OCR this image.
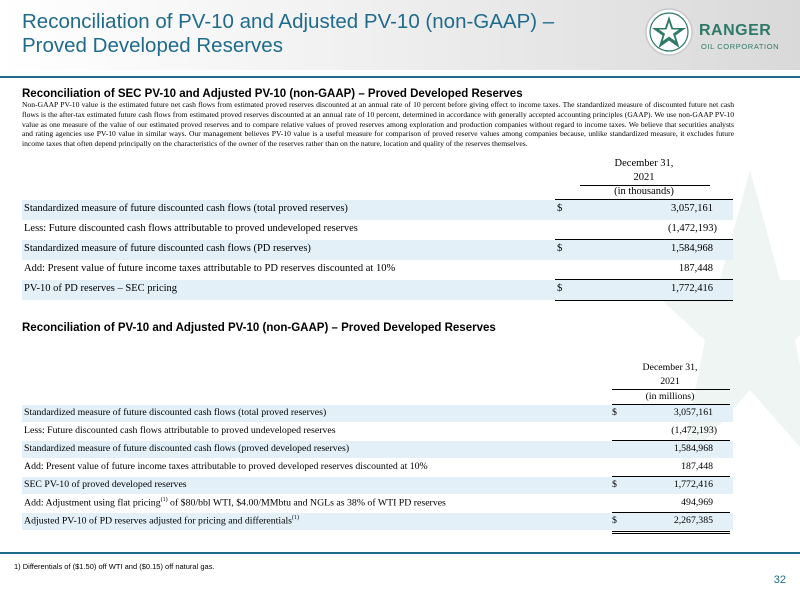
Reconciliation of PV-10 and Adjusted PV-10 (non-GAAP) – Proved Developed Reserves
RANGER
OIL CORPORATION
Reconciliation of SEC PV-10 and Adjusted PV-10 (non-GAAP) – Proved Developed Reserves
Non-GAAP PV-10 value is the estimated future net cash flows from estimated proved reserves discounted at an annual rate of 10 percent before giving effect to income taxes. The standardized measure of discounted future net cash flows is the after-tax estimated future cash flows from estimated proved reserves discounted at an annual rate of 10 percent, determined in accordance with generally accepted accounting principles (GAAP). We use non-GAAP PV-10 value as one measure of the value of our estimated proved reserves and to compare relative values of proved reserves among exploration and production companies without regard to income taxes. We believe that securities analysts and rating agencies use PV-10 value in similar ways. Our management believes PV-10 value is a useful measure for comparison of proved reserve values among companies because, unlike standardized measure, it excludes future income taxes that often depend principally on the characteristics of the owner of the reserves rather than on the nature, location and quality of the reserves themselves.
December 31,
2021
(in thousands)
Standardized measure of future discounted cash flows (total proved reserves)	$	3,057,161
Less: Future discounted cash flows attributable to proved undeveloped reserves	(1,472,193)
Standardized measure of future discounted cash flows (PD reserves)	$	1,584,968
Add: Present value of future income taxes attributable to PD reserves discounted at 10%	187,448
PV-10 of PD reserves – SEC pricing	$	1,772,416
Reconciliation of PV-10 and Adjusted PV-10 (non-GAAP) – Proved Developed Reserves
December 31,
2021
(in millions)
Standardized measure of future discounted cash flows (total proved reserves)	$	3,057,161
Less: Future discounted cash flows attributable to proved undeveloped reserves	(1,472,193)
Standardized measure of future discounted cash flows (proved developed reserves)	1,584,968
Add: Present value of future income taxes attributable to proved developed reserves discounted at 10%	187,448
SEC PV-10 of proved developed reserves	$	1,772,416
Add: Adjustment using flat pricing$^{(1)}$ of $80/bbl WTI, $4.00/MMbtu and NGLs as 38% of WTI PD reserves	494,969
Adjusted PV-10 of PD reserves adjusted for pricing and differentials$^{(1)}$	$	2,267,385
1) Differentials of ($1.50) off WTI and ($0.15) off natural gas.
32
